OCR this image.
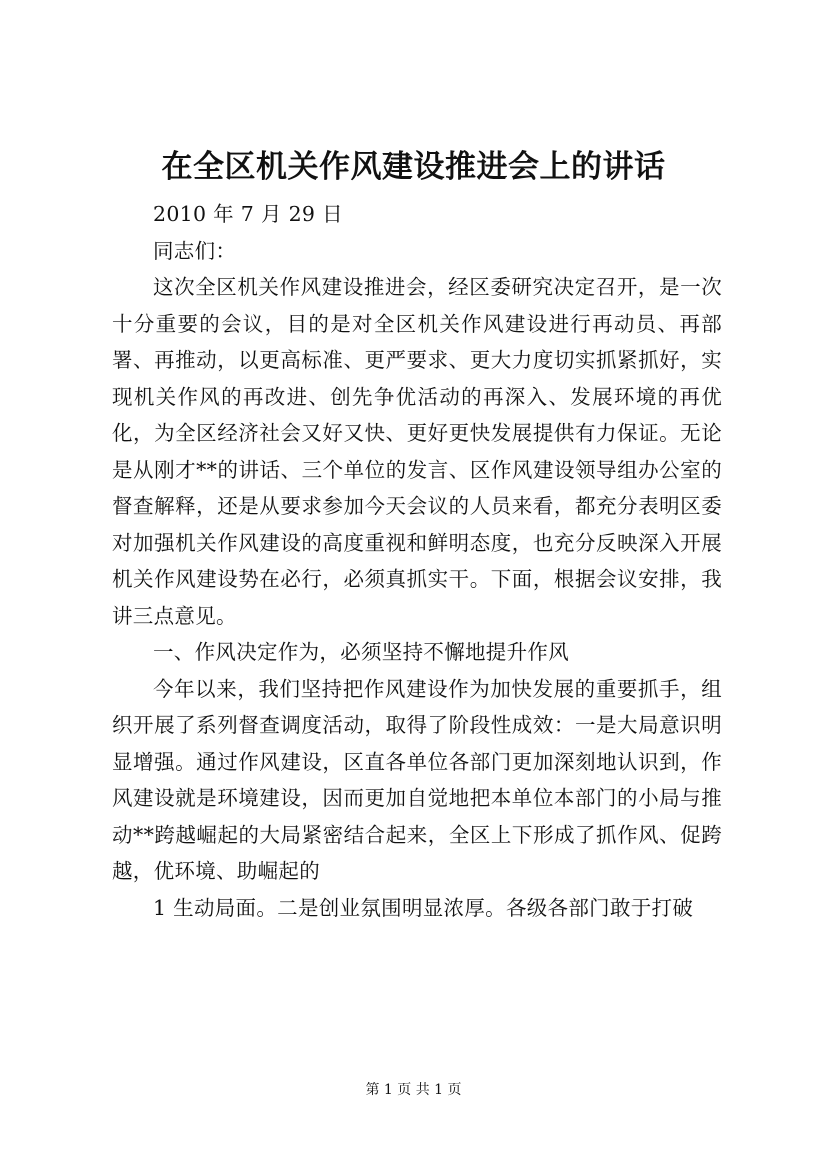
在全区机关作风建设推进会上的讲话

2010 年 7 月 29 日

同志们：

这次全区机关作风建设推进会，经区委研究决定召开，是一次十分重要的会议，目的是对全区机关作风建设进行再动员、再部署、再推动，以更高标准、更严要求、更大力度切实抓紧抓好，实现机关作风的再改进、创先争优活动的再深入、发展环境的再优化，为全区经济社会又好又快、更好更快发展提供有力保证。无论是从刚才**的讲话、三个单位的发言、区作风建设领导组办公室的督查解释，还是从要求参加今天会议的人员来看，都充分表明区委对加强机关作风建设的高度重视和鲜明态度，也充分反映深入开展机关作风建设势在必行，必须真抓实干。下面，根据会议安排，我讲三点意见。

一、作风决定作为，必须坚持不懈地提升作风

今年以来，我们坚持把作风建设作为加快发展的重要抓手，组织开展了系列督查调度活动，取得了阶段性成效：一是大局意识明显增强。通过作风建设，区直各单位各部门更加深刻地认识到，作风建设就是环境建设，因而更加自觉地把本单位本部门的小局与推动**跨越崛起的大局紧密结合起来，全区上下形成了抓作风、促跨越，优环境、助崛起的

1 生动局面。二是创业氛围明显浓厚。各级各部门敢于打破

第 1 页 共 1 页
